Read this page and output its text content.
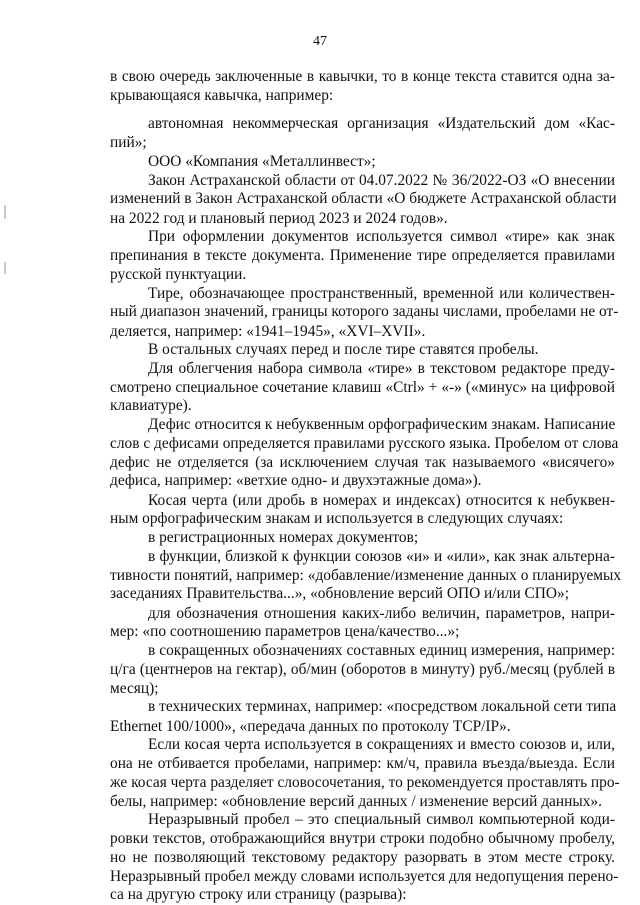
47
в свою очередь заключенные в кавычки, то в конце текста ставится одна за-
крывающаяся кавычка, например:
автономная некоммерческая организация «Издательский дом «Кас-
пий»;
ООО «Компания «Металлинвест»;
Закон Астраханской области от 04.07.2022 № 36/2022-ОЗ «О внесении
изменений в Закон Астраханской области «О бюджете Астраханской области
на 2022 год и плановый период 2023 и 2024 годов».
При оформлении документов используется символ «тире» как знак
препинания в тексте документа. Применение тире определяется правилами
русской пунктуации.
Тире, обозначающее пространственный, временной или количествен-
ный диапазон значений, границы которого заданы числами, пробелами не от-
деляется, например: «1941–1945», «XVI–XVII».
В остальных случаях перед и после тире ставятся пробелы.
Для облегчения набора символа «тире» в текстовом редакторе преду-
смотрено специальное сочетание клавиш «Ctrl» + «-» («минус» на цифровой
клавиатуре).
Дефис относится к небуквенным орфографическим знакам. Написание
слов с дефисами определяется правилами русского языка. Пробелом от слова
дефис не отделяется (за исключением случая так называемого «висячего»
дефиса, например: «ветхие одно- и двухэтажные дома»).
Косая черта (или дробь в номерах и индексах) относится к небуквен-
ным орфографическим знакам и используется в следующих случаях:
в регистрационных номерах документов;
в функции, близкой к функции союзов «и» и «или», как знак альтерна-
тивности понятий, например: «добавление/изменение данных о планируемых
заседаниях Правительства...», «обновление версий ОПО и/или СПО»;
для обозначения отношения каких-либо величин, параметров, напри-
мер: «по соотношению параметров цена/качество...»;
в сокращенных обозначениях составных единиц измерения, например:
ц/га (центнеров на гектар), об/мин (оборотов в минуту) руб./месяц (рублей в
месяц);
в технических терминах, например: «посредством локальной сети типа
Ethernet 100/1000», «передача данных по протоколу TCP/IP».
Если косая черта используется в сокращениях и вместо союзов и, или,
она не отбивается пробелами, например: км/ч, правила въезда/выезда. Если
же косая черта разделяет словосочетания, то рекомендуется проставлять про-
белы, например: «обновление версий данных / изменение версий данных».
Неразрывный пробел – это специальный символ компьютерной коди-
ровки текстов, отображающийся внутри строки подобно обычному пробелу,
но не позволяющий текстовому редактору разорвать в этом месте строку.
Неразрывный пробел между словами используется для недопущения перено-
са на другую строку или страницу (разрыва):
